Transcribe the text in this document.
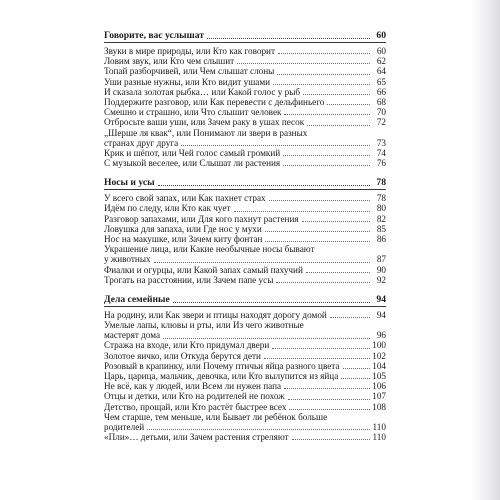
Говорите, вас услышат	60
Звуки в мире природы, или Кто как говорит	60
Ловим звук, или Кто чем слышит	62
Топай разборчивей, или Чем слышат слоны	64
Уши разные нужны, или Кто видит ушами	65
И сказала золотая рыбка… или Какой голос у рыб	66
Поддержите разговор, или Как перевести с дельфиньего	68
Смешно и страшно, или Что слышит человек	70
Отбросьте ваши уши, или Зачем раку в ушах песок	72
„Шерше ля квак“, или Понимают ли звери в разных
странах друг друга	73
Крик и шёпот, или Чей голос самый громкий	74
С музыкой веселее, или Слышат ли растения	76
Носы и усы	78
У всего свой запах, или Как пахнет страх	78
Идём по следу, или Кто как чует	80
Разговор запахами, или Для кого пахнут растения	82
Ловушка для запаха, или Где нос у мухи	85
Нос на макушке, или Зачем киту фонтан	86
Украшение лица, или Какие необычные носы бывают
у животных	87
Фиалки и огурцы, или Какой запах самый пахучий	90
Трогать на расстоянии, или Зачем папе усы	92
Дела семейные	94
На родину, или Как звери и птицы находят дорогу домой	94
Умелые лапы, клювы и рты, или Из чего животные
мастерят дома	96
Стража на входе, или Кто придумал двери	100
Золотое яичко, или Откуда берутся дети	102
Розовый в крапинку, или Почему птичьи яйца разного цвета	104
Царь, царица, мальчик, девочка, или Кто вылупится из яйца	105
Не всё, как у людей, или Всем ли нужен папа	106
Отцы и детки, или Кто на родителей не похож	107
Детство, прощай, или Кто растёт быстрее всех	108
Чем старше, тем меньше, или Бывает ли ребёнок больше
родителей	110
«Пли»… детьми, или Зачем растения стреляют	110
